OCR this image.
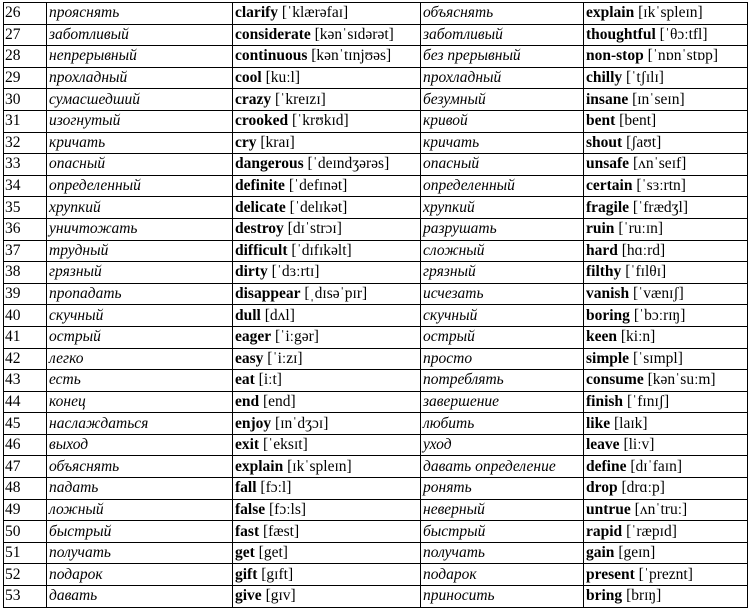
26	прояснять	clarify [ˈklærəfaɪ]	объяснять	explain [ɪkˈspleɪn]
27	заботливый	considerate [kənˈsɪdərət]	заботливый	thoughtful [ˈθɔːtfl]
28	непрерывный	continuous [kənˈtɪnjʊəs]	без прерывный	non-stop [ˈnɒnˈstɒp]
29	прохладный	cool [kuːl]	прохладный	chilly [ˈtʃɪlɪ]
30	сумасшедший	crazy [ˈkreɪzɪ]	безумный	insane [ɪnˈseɪn]
31	изогнутый	crooked [ˈkrʊkɪd]	кривой	bent [bent]
32	кричать	cry [kraɪ]	кричать	shout [ʃaʊt]
33	опасный	dangerous [ˈdeɪndʒərəs]	опасный	unsafe [ʌnˈseɪf]
34	определенный	definite [ˈdefɪnət]	определенный	certain [ˈsɜːrtn]
35	хрупкий	delicate [ˈdelɪkət]	хрупкий	fragile [ˈfrædʒl]
36	уничтожать	destroy [dɪˈstrɔɪ]	разрушать	ruin [ˈruːɪn]
37	трудный	difficult [ˈdɪfɪkəlt]	сложный	hard [hɑːrd]
38	грязный	dirty [ˈdɜːrtɪ]	грязный	filthy [ˈfɪlθɪ]
39	пропадать	disappear [ˌdɪsəˈpɪr]	исчезать	vanish [ˈvænɪʃ]
40	скучный	dull [dʌl]	скучный	boring [ˈbɔːrɪŋ]
41	острый	eager [ˈiːgər]	острый	keen [kiːn]
42	легко	easy [ˈiːzɪ]	просто	simple [ˈsɪmpl]
43	есть	eat [iːt]	потреблять	consume [kənˈsuːm]
44	конец	end [end]	завершение	finish [ˈfɪnɪʃ]
45	наслаждаться	enjoy [ɪnˈdʒɔɪ]	любить	like [laɪk]
46	выход	exit [ˈeksɪt]	уход	leave [liːv]
47	объяснять	explain [ɪkˈspleɪn]	давать определение	define [dɪˈfaɪn]
48	падать	fall [fɔːl]	ронять	drop [drɑːp]
49	ложный	false [fɔːls]	неверный	untrue [ʌnˈtruː]
50	быстрый	fast [fæst]	быстрый	rapid [ˈræpɪd]
51	получать	get [get]	получать	gain [geɪn]
52	подарок	gift [gɪft]	подарок	present [ˈpreznt]
53	давать	give [gɪv]	приносить	bring [brɪŋ]
